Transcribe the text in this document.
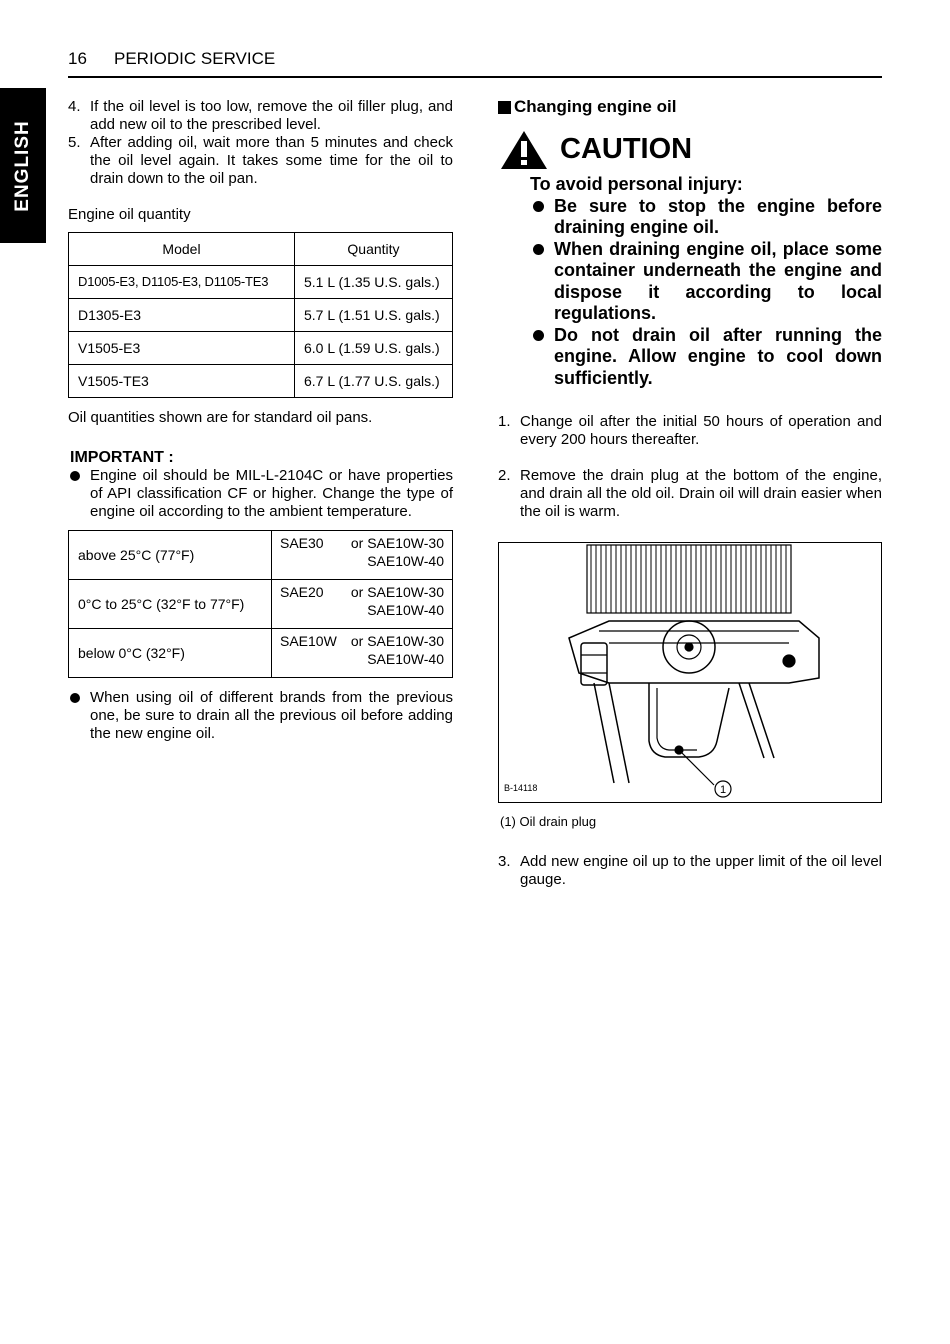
16 PERIODIC SERVICE
ENGLISH
4. If the oil level is too low, remove the oil filler plug, and add new oil to the prescribed level.
5. After adding oil, wait more than 5 minutes and check the oil level again. It takes some time for the oil to drain down to the oil pan.
Engine oil quantity
Model	Quantity
D1005-E3, D1105-E3, D1105-TE3	5.1 L (1.35 U.S. gals.)
D1305-E3	5.7 L (1.51 U.S. gals.)
V1505-E3	6.0 L (1.59 U.S. gals.)
V1505-TE3	6.7 L (1.77 U.S. gals.)
Oil quantities shown are for standard oil pans.
IMPORTANT :
Engine oil should be MIL-L-2104C or have properties of API classification CF or higher. Change the type of engine oil according to the ambient temperature.
above 25°C (77°F)	SAE30 or SAE10W-30
SAE10W-40

0°C to 25°C (32°F to 77°F)	SAE20 or SAE10W-30
SAE10W-40

below 0°C (32°F)	SAE10W or SAE10W-30
SAE10W-40
When using oil of different brands from the previous one, be sure to drain all the previous oil before adding the new engine oil.
Changing engine oil
CAUTION
To avoid personal injury:
Be sure to stop the engine before draining engine oil.
When draining engine oil, place some container underneath the engine and dispose it according to local regulations.
Do not drain oil after running the engine. Allow engine to cool down sufficiently.
1. Change oil after the initial 50 hours of operation and every 200 hours thereafter.
2. Remove the drain plug at the bottom of the engine, and drain all the old oil. Drain oil will drain easier when the oil is warm.
1
B-14118
(1) Oil drain plug
3. Add new engine oil up to the upper limit of the oil level gauge.
